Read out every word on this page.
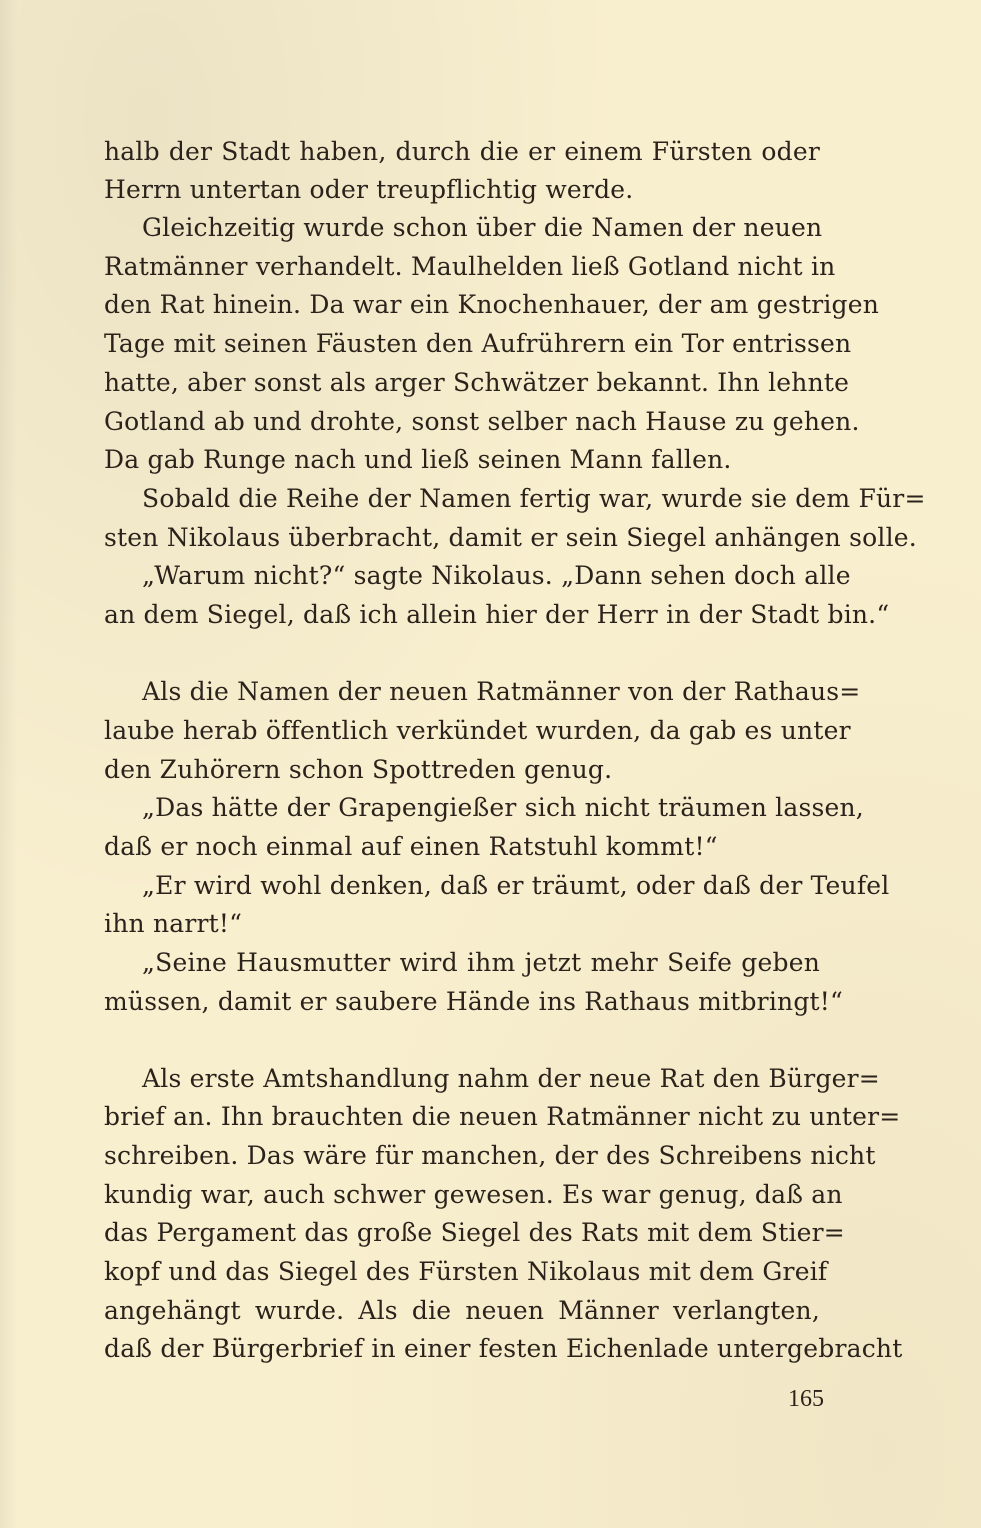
halb der Stadt haben, durch die er einem Fürsten oder
Herrn untertan oder treupflichtig werde.
Gleichzeitig wurde schon über die Namen der neuen
Ratmänner verhandelt. Maulhelden ließ Gotland nicht in
den Rat hinein. Da war ein Knochenhauer, der am gestrigen
Tage mit seinen Fäusten den Aufrührern ein Tor entrissen
hatte, aber sonst als arger Schwätzer bekannt. Ihn lehnte
Gotland ab und drohte, sonst selber nach Hause zu gehen.
Da gab Runge nach und ließ seinen Mann fallen.
Sobald die Reihe der Namen fertig war, wurde sie dem Für=
sten Nikolaus überbracht, damit er sein Siegel anhängen solle.
„Warum nicht?“ sagte Nikolaus. „Dann sehen doch alle
an dem Siegel, daß ich allein hier der Herr in der Stadt bin.“
Als die Namen der neuen Ratmänner von der Rathaus=
laube herab öffentlich verkündet wurden, da gab es unter
den Zuhörern schon Spottreden genug.
„Das hätte der Grapengießer sich nicht träumen lassen,
daß er noch einmal auf einen Ratstuhl kommt!“
„Er wird wohl denken, daß er träumt, oder daß der Teufel
ihn narrt!“
„Seine Hausmutter wird ihm jetzt mehr Seife geben
müssen, damit er saubere Hände ins Rathaus mitbringt!“
Als erste Amtshandlung nahm der neue Rat den Bürger=
brief an. Ihn brauchten die neuen Ratmänner nicht zu unter=
schreiben. Das wäre für manchen, der des Schreibens nicht
kundig war, auch schwer gewesen. Es war genug, daß an
das Pergament das große Siegel des Rats mit dem Stier=
kopf und das Siegel des Fürsten Nikolaus mit dem Greif
angehängt wurde. Als die neuen Männer verlangten,
daß der Bürgerbrief in einer festen Eichenlade untergebracht
165
